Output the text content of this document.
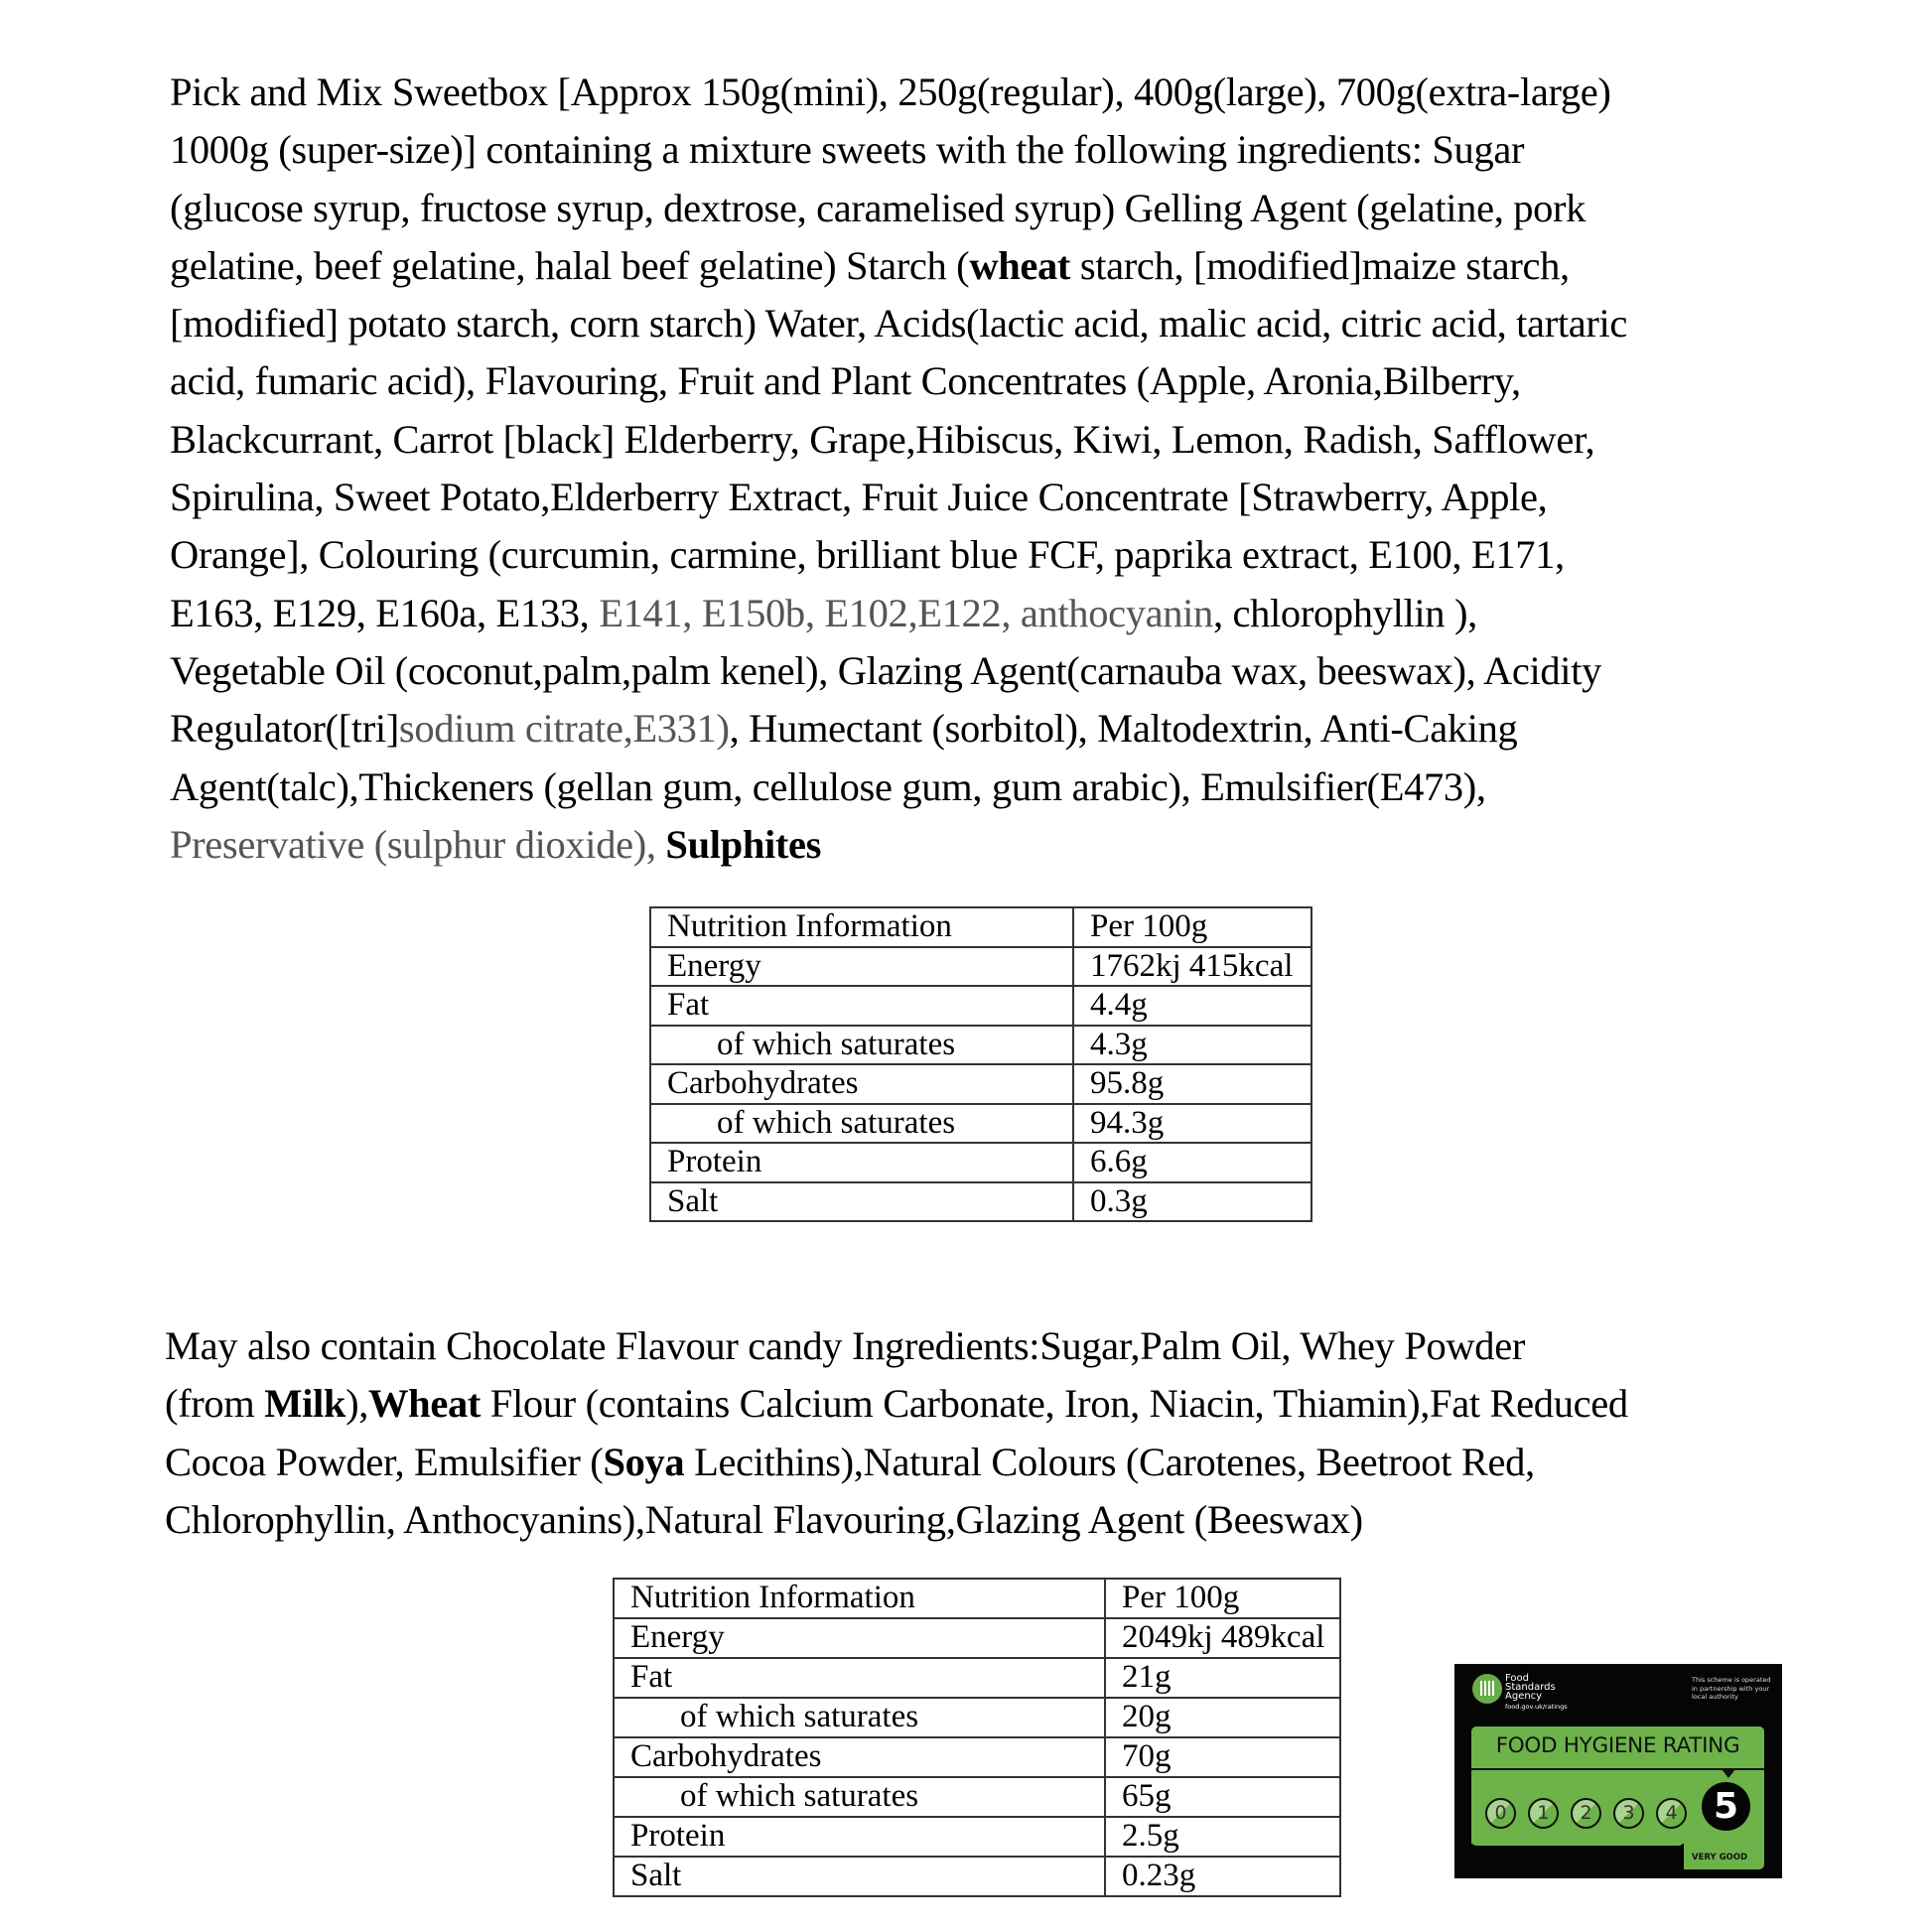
Pick and Mix Sweetbox [Approx 150g(mini), 250g(regular), 400g(large), 700g(extra-large)
1000g (super-size)] containing a mixture sweets with the following ingredients: Sugar
(glucose syrup, fructose syrup, dextrose, caramelised syrup) Gelling Agent (gelatine, pork
gelatine, beef gelatine, halal beef gelatine) Starch (wheat starch, [modified]maize starch,
[modified] potato starch, corn starch) Water, Acids(lactic acid, malic acid, citric acid, tartaric
acid, fumaric acid), Flavouring, Fruit and Plant Concentrates (Apple, Aronia,Bilberry,
Blackcurrant, Carrot [black] Elderberry, Grape,Hibiscus, Kiwi, Lemon, Radish, Safflower,
Spirulina, Sweet Potato,Elderberry Extract, Fruit Juice Concentrate [Strawberry, Apple,
Orange], Colouring (curcumin, carmine, brilliant blue FCF, paprika extract, E100, E171,
E163, E129, E160a, E133, E141, E150b, E102,E122, anthocyanin, chlorophyllin ),
Vegetable Oil (coconut,palm,palm kenel), Glazing Agent(carnauba wax, beeswax), Acidity
Regulator([tri]sodium citrate,E331), Humectant (sorbitol), Maltodextrin, Anti-Caking
Agent(talc),Thickeners (gellan gum, cellulose gum, gum arabic), Emulsifier(E473),
Preservative (sulphur dioxide), Sulphites
Nutrition Information	Per 100g
Energy	1762kj 415kcal
Fat	4.4g
of which saturates	4.3g
Carbohydrates	95.8g
of which saturates	94.3g
Protein	6.6g
Salt	0.3g
May also contain Chocolate Flavour candy Ingredients:Sugar,Palm Oil, Whey Powder
(from Milk),Wheat Flour (contains Calcium Carbonate, Iron, Niacin, Thiamin),Fat Reduced
Cocoa Powder, Emulsifier (Soya Lecithins),Natural Colours (Carotenes, Beetroot Red,
Chlorophyllin, Anthocyanins),Natural Flavouring,Glazing Agent (Beeswax)
Nutrition Information	Per 100g
Energy	2049kj 489kcal
Fat	21g
of which saturates	20g
Carbohydrates	70g
of which saturates	65g
Protein	2.5g
Salt	0.23g
Food
Standards
Agency
food.gov.uk/ratings
This scheme is operated in partnership with your local authority
FOOD HYGIENE RATING
0	1	2	3	4	5
VERY GOOD
